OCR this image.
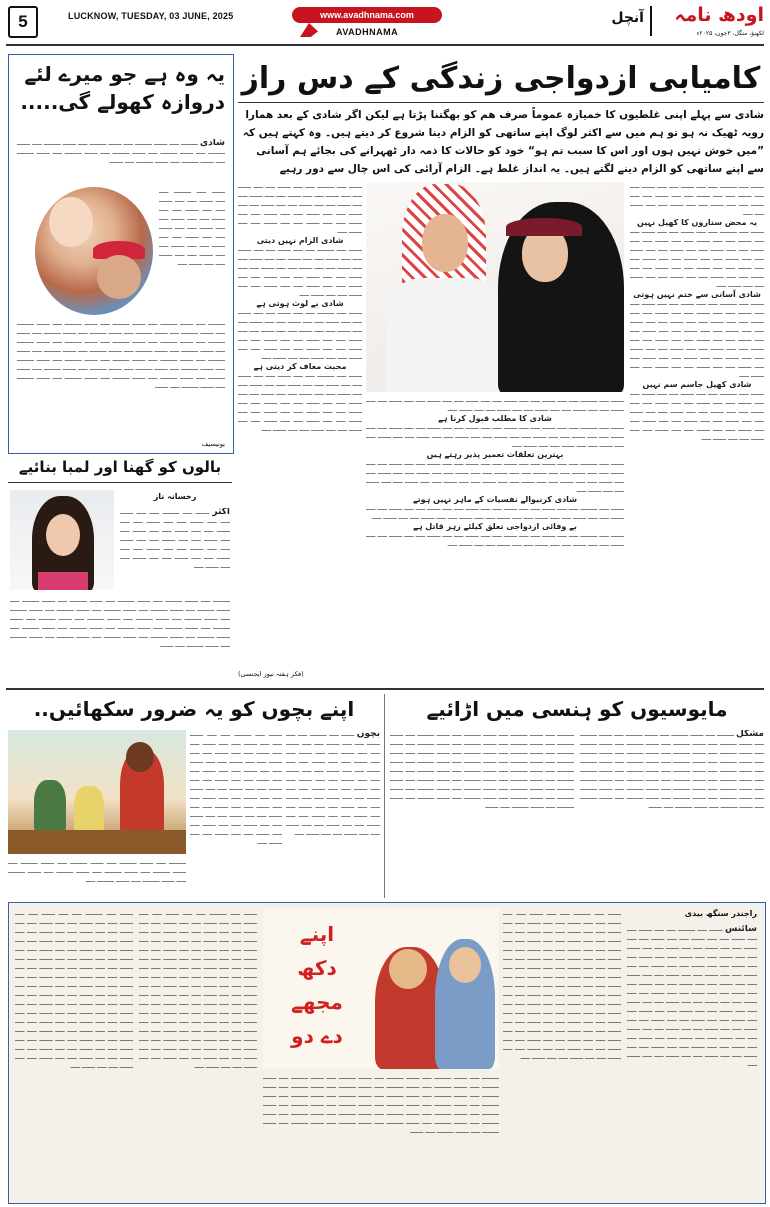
5	LUCKNOW, TUESDAY, 03 JUNE, 2025	www.avadhnama.com
AVADHNAMA
آنچل	اودھ نامہ
لکھنؤ، منگل، ۳جون، ۲۰۲۵ء
یہ وہ ہے جو میرے لئے
دروازہ کھولے گی.....
شادی ـــــــــ ـــــ ـــــــ ـــــــــ ـــــ ـــــــ ـــــــــ ـــــ ـــــــ ـــــــــ ـــــ ـــــــ ـــــــــ ـــــ ـــــــ ـــــــــ ـــــ ـــــــ ـــــــــ ـــــ ـــــــ ـــــــــ ـــــ ـــــــ ـــــــــ ـــــ ـــــــ ـــــــــ ـــــ ـــــــ ـــــــــ ـــــ ـــــــ
ـــــــ ـــــ ـــــــــ ـــــ ـــــ ـــــــ ـــــ ـــــ ـــــــ ـــــ ـــــ ـــــــ ـــــ ـــــ ـــــــ ـــــ ـــــ ـــــــ ـــــ ـــــ ـــــــ ـــــ ـــــ ـــــــ ـــــ ـــــ ـــــــ ـــــ ـــــ ـــــــ ـــــ ـــــ ـــــــ ـــــ ـــــ ـــــــ ـــــ ـــــ ـــــــ ـــــ ـــــ ـــــــ ـــــ
ـــــــــ ـــــ ـــــــ ـــــــــ ـــــ ـــــــ ـــــــــ ـــــ ـــــــ ـــــــــ ـــــ ـــــــ ـــــــــ ـــــ ـــــــ ـــــــــ ـــــ ـــــــ ـــــــــ ـــــ ـــــــ ـــــــــ ـــــ ـــــــ ـــــــــ ـــــ ـــــــ ـــــــــ ـــــ ـــــــ ـــــــــ ـــــ ـــــــ ـــــــــ ـــــ ـــــــ ـــــــــ ـــــ ـــــــ ـــــــــ ـــــ ـــــــ ـــــــــ ـــــ ـــــــ ـــــــــ ـــــ ـــــــ ـــــــــ ـــــ ـــــــ ـــــــــ ـــــ ـــــــ ـــــــــ ـــــ ـــــــ ـــــــــ ـــــ ـــــــ ـــــــــ ـــــ ـــــــ ـــــــــ ـــــ ـــــــ ـــــــــ ـــــ ـــــــ ـــــــــ ـــــ ـــــــ ـــــــــ ـــــ ـــــــ ـــــــــ ـــــ ـــــــ ـــــــــ ـــــ ـــــــ ـــــــــ ـــــ ـــــــ ـــــــــ ـــــ ـــــــ ـــــــــ ـــــ ـــــــ ـــــــــ ـــــ ـــــــ ـــــــــ ـــــ ـــــــ ـــــــــ ـــــ ـــــــ
یونیسیف
بالوں کو گھنا اور لمبا بنائیے
رخسانہ ناز
اکثر ـــــــ ـــــ ـــــــــ ـــــ ـــــ ـــــــ ـــــ ـــــ ـــــــ ـــــ ـــــ ـــــــ ـــــ ـــــ ـــــــ ـــــ ـــــ ـــــــ ـــــ ـــــ ـــــــ ـــــ ـــــ ـــــــ ـــــ ـــــ ـــــــ ـــــ ـــــ ـــــــ ـــــ ـــــ ـــــــ ـــــ ـــــ ـــــــ ـــــ ـــــ ـــــــ ـــــ ـــــ ـــــــ ـــــ ـــــ ـــــــ ـــــ ـــــ ـــــــ ـــــ
ـــــــــ ـــــ ـــــــ ـــــــــ ـــــ ـــــــ ـــــــــ ـــــ ـــــــ ـــــــــ ـــــ ـــــــ ـــــــــ ـــــ ـــــــ ـــــــــ ـــــ ـــــــ ـــــــــ ـــــ ـــــــ ـــــــــ ـــــ ـــــــ ـــــــــ ـــــ ـــــــ ـــــــــ ـــــ ـــــــ ـــــــــ ـــــ ـــــــ ـــــــــ ـــــ ـــــــ ـــــــــ ـــــ ـــــــ ـــــــــ ـــــ ـــــــ ـــــــــ ـــــ ـــــــ ـــــــــ ـــــ ـــــــ ـــــــــ ـــــ ـــــــ ـــــــــ ـــــ ـــــــ ـــــــــ ـــــ ـــــــ ـــــــــ ـــــ ـــــــ ـــــــــ ـــــ ـــــــ ـــــــــ ـــــ ـــــــ ـــــــــ ـــــ ـــــــ ـــــــــ ـــــ ـــــــ ـــــــــ ـــــ ـــــــ
کامیابی ازدواجی زندگی کے دس راز
شادی سے پہلے اپنی غلطیوں کا خمیازہ عموماً صرف ھم کو بھگتنا پڑتا ہے لیکن اگر شادی کے بعد ھمارا رویہ ٹھیک نہ ہو تو ہم میں سے اکثر لوگ اپنے ساتھی کو الزام دینا شروع کر دیتے ہیں۔ وہ کہتے ہیں کہ ”میں خوش نہیں ہوں اور اس کا سبب تم ہو“ خود کو حالات کا ذمہ دار ٹھہرانے کی بجائے ہم آسانی سے اپنے ساتھی کو الزام دینے لگتے ہیں۔ یہ انداز غلط ہے۔ الزام آرائی کی اس چال سے دور رہیے
ـــــــ ـــــ ـــــــــ ـــــ ـــــ ـــــــ ـــــ ـــــ ـــــــ ـــــ ـــــ ـــــــ ـــــ ـــــ ـــــــ ـــــ ـــــ ـــــــ ـــــ ـــــ ـــــــ ـــــ ـــــ ـــــــ ـــــ ـــــ ـــــــ ـــــ ـــــ ـــــــ ـــــ ـــــ
یہ محض ستاروں کا کھیل نہیں
ـــــــ ـــــ ـــــــــ ـــــ ـــــ ـــــــ ـــــ ـــــ ـــــــ ـــــ ـــــ ـــــــ ـــــ ـــــ ـــــــ ـــــ ـــــ ـــــــ ـــــ ـــــ ـــــــ ـــــ ـــــ ـــــــ ـــــ ـــــ ـــــــ ـــــ ـــــ ـــــــ ـــــ ـــــ ـــــــ ـــــ ـــــ ـــــــ ـــــ ـــــ ـــــــ ـــــ ـــــ ـــــــ ـــــ ـــــ ـــــــ ـــــ ـــــ ـــــــ ـــــ ـــــ ـــــــ ـــــ ـــــ ـــــــ ـــــ ـــــ ـــــــ ـــــ ـــــ ـــــــ ـــــ ـــــ ـــــــ ـــــ
شادی آسانی سے ختم نہیں ہوتی
ـــــــ ـــــ ـــــــــ ـــــ ـــــ ـــــــ ـــــ ـــــ ـــــــ ـــــ ـــــ ـــــــ ـــــ ـــــ ـــــــ ـــــ ـــــ ـــــــ ـــــ ـــــ ـــــــ ـــــ ـــــ ـــــــ ـــــ ـــــ ـــــــ ـــــ ـــــ ـــــــ ـــــ ـــــ ـــــــ ـــــ ـــــ ـــــــ ـــــ ـــــ ـــــــ ـــــ ـــــ ـــــــ ـــــ ـــــ ـــــــ ـــــ ـــــ ـــــــ ـــــ ـــــ ـــــــ ـــــ ـــــ ـــــــ ـــــ ـــــ ـــــــ ـــــ ـــــ ـــــــ ـــــ ـــــ ـــــــ ـــــ ـــــ ـــــــ ـــــ ـــــ ـــــــ ـــــ ـــــ ـــــــ ـــــ ـــــ ـــــــ ـــــ ـــــ ـــــــ ـــــ ـــــ ـــــــ ـــــ
شادی کھیل جاسم سم نہیں
ـــــــ ـــــ ـــــــــ ـــــ ـــــ ـــــــ ـــــ ـــــ ـــــــ ـــــ ـــــ ـــــــ ـــــ ـــــ ـــــــ ـــــ ـــــ ـــــــ ـــــ ـــــ ـــــــ ـــــ ـــــ ـــــــ ـــــ ـــــ ـــــــ ـــــ ـــــ ـــــــ ـــــ ـــــ ـــــــ ـــــ ـــــ ـــــــ ـــــ ـــــ ـــــــ ـــــ ـــــ ـــــــ ـــــ ـــــ ـــــــ ـــــ ـــــ ـــــــ ـــــ ـــــ ـــــــ ـــــ ـــــ ـــــــ ـــــ
ـــــــ ـــــ ـــــــــ ـــــ ـــــ ـــــــ ـــــ ـــــ ـــــــ ـــــ ـــــ ـــــــ ـــــ ـــــ ـــــــ ـــــ ـــــ ـــــــ ـــــ ـــــ ـــــــ ـــــ ـــــ ـــــــ ـــــ ـــــ ـــــــ ـــــ ـــــ ـــــــ ـــــ ـــــ ـــــــ ـــــ
شادی کا مطلب قبول کرنا ہے
ـــــــ ـــــ ـــــــــ ـــــ ـــــ ـــــــ ـــــ ـــــ ـــــــ ـــــ ـــــ ـــــــ ـــــ ـــــ ـــــــ ـــــ ـــــ ـــــــ ـــــ ـــــ ـــــــ ـــــ ـــــ ـــــــ ـــــ ـــــ ـــــــ ـــــ ـــــ ـــــــ ـــــ ـــــ ـــــــ ـــــ ـــــ ـــــــ ـــــ ـــــ ـــــــ ـــــ ـــــ ـــــــ ـــــ ـــــ ـــــــ ـــــ ـــــ ـــــــ ـــــ
بہترین تعلقات تعمیر پذیر رہتے ہیں
ـــــــ ـــــ ـــــــــ ـــــ ـــــ ـــــــ ـــــ ـــــ ـــــــ ـــــ ـــــ ـــــــ ـــــ ـــــ ـــــــ ـــــ ـــــ ـــــــ ـــــ ـــــ ـــــــ ـــــ ـــــ ـــــــ ـــــ ـــــ ـــــــ ـــــ ـــــ ـــــــ ـــــ ـــــ ـــــــ ـــــ ـــــ ـــــــ ـــــ ـــــ ـــــــ ـــــ ـــــ ـــــــ ـــــ ـــــ ـــــــ ـــــ ـــــ ـــــــ ـــــ ـــــ ـــــــ ـــــ ـــــ ـــــــ ـــــ ـــــ ـــــــ ـــــ ـــــ ـــــــ ـــــ ـــــ ـــــــ ـــــ
شادی کرنیوالے نفسیات کے ماہر نہیں ہوتے
ـــــــ ـــــ ـــــــــ ـــــ ـــــ ـــــــ ـــــ ـــــ ـــــــ ـــــ ـــــ ـــــــ ـــــ ـــــ ـــــــ ـــــ ـــــ ـــــــ ـــــ ـــــ ـــــــ ـــــ ـــــ ـــــــ ـــــ ـــــ ـــــــ ـــــ ـــــ ـــــــ ـــــ ـــــ ـــــــ ـــــ ـــــ ـــــــ ـــــ ـــــ ـــــــ ـــــ
بے وفائی ازدواجی تعلق کیلئے زہر قاتل ہے
ـــــــ ـــــ ـــــــــ ـــــ ـــــ ـــــــ ـــــ ـــــ ـــــــ ـــــ ـــــ ـــــــ ـــــ ـــــ ـــــــ ـــــ ـــــ ـــــــ ـــــ ـــــ ـــــــ ـــــ ـــــ ـــــــ ـــــ ـــــ ـــــــ ـــــ ـــــ ـــــــ ـــــ ـــــ ـــــــ ـــــ
ـــــــ ـــــ ـــــــــ ـــــ ـــــ ـــــــ ـــــ ـــــ ـــــــ ـــــ ـــــ ـــــــ ـــــ ـــــ ـــــــ ـــــ ـــــ ـــــــ ـــــ ـــــ ـــــــ ـــــ ـــــ ـــــــ ـــــ ـــــ ـــــــ ـــــ ـــــ ـــــــ ـــــ ـــــ ـــــــ ـــــ ـــــ ـــــــ ـــــ ـــــ ـــــــ ـــــ ـــــ ـــــــ ـــــ ـــــ ـــــــ ـــــ ـــــ ـــــــ ـــــ
شادی الزام نہیں دیتی
ـــــــ ـــــ ـــــــــ ـــــ ـــــ ـــــــ ـــــ ـــــ ـــــــ ـــــ ـــــ ـــــــ ـــــ ـــــ ـــــــ ـــــ ـــــ ـــــــ ـــــ ـــــ ـــــــ ـــــ ـــــ ـــــــ ـــــ ـــــ ـــــــ ـــــ ـــــ ـــــــ ـــــ ـــــ ـــــــ ـــــ ـــــ ـــــــ ـــــ ـــــ ـــــــ ـــــ ـــــ ـــــــ ـــــ ـــــ ـــــــ ـــــ ـــــ ـــــــ ـــــ ـــــ ـــــــ ـــــ
شادی بے لوث ہوتی ہے
ـــــــ ـــــ ـــــــــ ـــــ ـــــ ـــــــ ـــــ ـــــ ـــــــ ـــــ ـــــ ـــــــ ـــــ ـــــ ـــــــ ـــــ ـــــ ـــــــ ـــــ ـــــ ـــــــ ـــــ ـــــ ـــــــ ـــــ ـــــ ـــــــ ـــــ ـــــ ـــــــ ـــــ ـــــ ـــــــ ـــــ ـــــ ـــــــ ـــــ ـــــ ـــــــ ـــــ ـــــ ـــــــ ـــــ ـــــ ـــــــ ـــــ ـــــ ـــــــ ـــــ ـــــ ـــــــ ـــــ ـــــ ـــــــ ـــــ
محبت معاف کر دیتی ہے
ـــــــ ـــــ ـــــــــ ـــــ ـــــ ـــــــ ـــــ ـــــ ـــــــ ـــــ ـــــ ـــــــ ـــــ ـــــ ـــــــ ـــــ ـــــ ـــــــ ـــــ ـــــ ـــــــ ـــــ ـــــ ـــــــ ـــــ ـــــ ـــــــ ـــــ ـــــ ـــــــ ـــــ ـــــ ـــــــ ـــــ ـــــ ـــــــ ـــــ ـــــ ـــــــ ـــــ ـــــ ـــــــ ـــــ ـــــ ـــــــ ـــــ ـــــ ـــــــ ـــــ ـــــ ـــــــ ـــــ ـــــ ـــــــ ـــــ ـــــ ـــــــ ـــــ ـــــ ـــــــ ـــــ ـــــ ـــــــ ـــــ
(فکر ہفتہ نیوز ایجنسی)
اپنے بچوں کو یہ ضرور سکھائیں..
ـــــــــ ـــــ ـــــــ ـــــــــ ـــــ ـــــــ ـــــــــ ـــــ ـــــــ ـــــــــ ـــــ ـــــــ ـــــــــ ـــــ ـــــــ ـــــــــ ـــــ ـــــــ ـــــــــ ـــــ ـــــــ ـــــــــ ـــــ ـــــــ ـــــــــ ـــــ ـــــــ ـــــــــ ـــــ
ـــــــ ـــــ ـــــــــ ـــــ ـــــ ـــــــ ـــــ ـــــ ـــــــ ـــــ ـــــ ـــــــ ـــــ ـــــ ـــــــ ـــــ ـــــ ـــــــ ـــــ ـــــ ـــــــ ـــــ ـــــ ـــــــ ـــــ ـــــ ـــــــ ـــــ ـــــ ـــــــ ـــــ ـــــ ـــــــ ـــــ ـــــ ـــــــ ـــــ ـــــ ـــــــ ـــــ ـــــ ـــــــ ـــــ ـــــ ـــــــ ـــــ ـــــ ـــــــ ـــــ ـــــ ـــــــ ـــــ ـــــ ـــــــ ـــــ ـــــ ـــــــ ـــــ ـــــ ـــــــ ـــــ ـــــ ـــــــ ـــــ ـــــ ـــــــ ـــــ ـــــ ـــــــ ـــــ ـــــ ـــــــ ـــــ ـــــ ـــــــ ـــــ ـــــ ـــــــ ـــــ ـــــ ـــــــ ـــــ ـــــ ـــــــ ـــــ
بچوں ـــــــ ـــــ ـــــــــ ـــــ ـــــ ـــــــ ـــــ ـــــ ـــــــ ـــــ ـــــ ـــــــ ـــــ ـــــ ـــــــ ـــــ ـــــ ـــــــ ـــــ ـــــ ـــــــ ـــــ ـــــ ـــــــ ـــــ ـــــ ـــــــ ـــــ ـــــ ـــــــ ـــــ ـــــ ـــــــ ـــــ ـــــ ـــــــ ـــــ ـــــ ـــــــ ـــــ ـــــ ـــــــ ـــــ ـــــ ـــــــ ـــــ ـــــ ـــــــ ـــــ ـــــ ـــــــ ـــــ ـــــ ـــــــ ـــــ ـــــ ـــــــ ـــــ ـــــ ـــــــ ـــــ ـــــ ـــــــ ـــــ ـــــ ـــــــ ـــــ ـــــ ـــــــ ـــــ ـــــ ـــــــ ـــــ ـــــ ـــــــ ـــــ ـــــ ـــــــ ـــــ ـــــ ـــــــ ـــــ
مایوسیوں کو ہنسی میں اڑائیے
مشکل ـــــــــ ـــــ ـــــــ ـــــــــ ـــــ ـــــــ ـــــــــ ـــــ ـــــــ ـــــــــ ـــــ ـــــــ ـــــــــ ـــــ ـــــــ ـــــــــ ـــــ ـــــــ ـــــــــ ـــــ ـــــــ ـــــــــ ـــــ ـــــــ ـــــــــ ـــــ ـــــــ ـــــــــ ـــــ ـــــــ ـــــــــ ـــــ ـــــــ ـــــــــ ـــــ ـــــــ ـــــــــ ـــــ ـــــــ ـــــــــ ـــــ ـــــــ ـــــــــ ـــــ ـــــــ ـــــــــ ـــــ ـــــــ ـــــــــ ـــــ ـــــــ ـــــــــ ـــــ ـــــــ ـــــــــ ـــــ ـــــــ ـــــــــ ـــــ ـــــــ ـــــــــ ـــــ ـــــــ ـــــــــ ـــــ ـــــــ ـــــــــ ـــــ ـــــــ ـــــــــ ـــــ ـــــــ ـــــــــ ـــــ ـــــــ ـــــــــ ـــــ ـــــــ ـــــــــ ـــــ ـــــــ ـــــــــ ـــــ ـــــــ ـــــــــ ـــــ ـــــــ ـــــــــ ـــــ ـــــــ ـــــــــ ـــــ ـــــــ ـــــــــ ـــــ ـــــــ ـــــــــ ـــــ ـــــــ ـــــــــ ـــــ ـــــــ
ـــــــــ ـــــ ـــــــ ـــــــــ ـــــ ـــــــ ـــــــــ ـــــ ـــــــ ـــــــــ ـــــ ـــــــ ـــــــــ ـــــ ـــــــ ـــــــــ ـــــ ـــــــ ـــــــــ ـــــ ـــــــ ـــــــــ ـــــ ـــــــ ـــــــــ ـــــ ـــــــ ـــــــــ ـــــ ـــــــ ـــــــــ ـــــ ـــــــ ـــــــــ ـــــ ـــــــ ـــــــــ ـــــ ـــــــ ـــــــــ ـــــ ـــــــ ـــــــــ ـــــ ـــــــ ـــــــــ ـــــ ـــــــ ـــــــــ ـــــ ـــــــ ـــــــــ ـــــ ـــــــ ـــــــــ ـــــ ـــــــ ـــــــــ ـــــ ـــــــ ـــــــــ ـــــ ـــــــ ـــــــــ ـــــ ـــــــ ـــــــــ ـــــ ـــــــ ـــــــــ ـــــ ـــــــ ـــــــــ ـــــ ـــــــ ـــــــــ ـــــ ـــــــ ـــــــــ ـــــ ـــــــ ـــــــــ ـــــ ـــــــ ـــــــــ ـــــ ـــــــ ـــــــــ ـــــ ـــــــ ـــــــــ ـــــ ـــــــ ـــــــــ ـــــ ـــــــ ـــــــــ ـــــ ـــــــ ـــــــــ ـــــ ـــــــ
راجندر سنگھ بیدی
اپنے
دکھ
مجھے
دے دو
سائنس ـــــــ ـــــ ـــــــــ ـــــ ـــــ ـــــــ ـــــ ـــــ ـــــــ ـــــ ـــــ ـــــــ ـــــ ـــــ ـــــــ ـــــ ـــــ ـــــــ ـــــ ـــــ ـــــــ ـــــ ـــــ ـــــــ ـــــ ـــــ ـــــــ ـــــ ـــــ ـــــــ ـــــ ـــــ ـــــــ ـــــ ـــــ ـــــــ ـــــ ـــــ ـــــــ ـــــ ـــــ ـــــــ ـــــ ـــــ ـــــــ ـــــ ـــــ ـــــــ ـــــ ـــــ ـــــــ ـــــ ـــــ ـــــــ ـــــ ـــــ ـــــــ ـــــ ـــــ ـــــــ ـــــ ـــــ ـــــــ ـــــ ـــــ ـــــــ ـــــ ـــــ ـــــــ ـــــ ـــــ ـــــــ ـــــ ـــــ ـــــــ ـــــ ـــــ ـــــــ ـــــ ـــــ ـــــــ ـــــ ـــــ ـــــــ ـــــ ـــــ ـــــــ ـــــ ـــــ ـــــــ ـــــ ـــــ ـــــــ ـــــ ـــــ ـــــــ ـــــ ـــــ ـــــــ ـــــ ـــــ ـــــــ ـــــ ـــــ ـــــــ ـــــ ـــــ ـــــــ ـــــ ـــــ ـــــــ ـــــ ـــــ ـــــــ ـــــ ـــــ ـــــــ ـــــ ـــــ ـــــــ ـــــ ـــــ ـــــــ ـــــ ـــــ ـــــــ ـــــ ـــــ ـــــــ ـــــ ـــــ ـــــــ ـــــ ـــــ ـــــــ ـــــ ـــــ ـــــــ ـــــ ـــــ ـــــــ ـــــ ـــــ ـــــــ ـــــ ـــــ ـــــــ ـــــ
ـــــــ ـــــ ـــــــــ ـــــ ـــــ ـــــــ ـــــ ـــــ ـــــــ ـــــ ـــــ ـــــــ ـــــ ـــــ ـــــــ ـــــ ـــــ ـــــــ ـــــ ـــــ ـــــــ ـــــ ـــــ ـــــــ ـــــ ـــــ ـــــــ ـــــ ـــــ ـــــــ ـــــ ـــــ ـــــــ ـــــ ـــــ ـــــــ ـــــ ـــــ ـــــــ ـــــ ـــــ ـــــــ ـــــ ـــــ ـــــــ ـــــ ـــــ ـــــــ ـــــ ـــــ ـــــــ ـــــ ـــــ ـــــــ ـــــ ـــــ ـــــــ ـــــ ـــــ ـــــــ ـــــ ـــــ ـــــــ ـــــ ـــــ ـــــــ ـــــ ـــــ ـــــــ ـــــ ـــــ ـــــــ ـــــ ـــــ ـــــــ ـــــ ـــــ ـــــــ ـــــ ـــــ ـــــــ ـــــ ـــــ ـــــــ ـــــ ـــــ ـــــــ ـــــ ـــــ ـــــــ ـــــ ـــــ ـــــــ ـــــ ـــــ ـــــــ ـــــ ـــــ ـــــــ ـــــ ـــــ ـــــــ ـــــ ـــــ ـــــــ ـــــ ـــــ ـــــــ ـــــ ـــــ ـــــــ ـــــ ـــــ ـــــــ ـــــ ـــــ ـــــــ ـــــ ـــــ ـــــــ ـــــ ـــــ ـــــــ ـــــ ـــــ ـــــــ ـــــ ـــــ ـــــــ ـــــ ـــــ ـــــــ ـــــ ـــــ ـــــــ ـــــ ـــــ ـــــــ ـــــ ـــــ ـــــــ ـــــ ـــــ ـــــــ ـــــ ـــــ ـــــــ ـــــ ـــــ ـــــــ ـــــ
ـــــــــ ـــــ ـــــــ ـــــــــ ـــــ ـــــــ ـــــــــ ـــــ ـــــــ ـــــــــ ـــــ ـــــــ ـــــــــ ـــــ ـــــــ ـــــــــ ـــــ ـــــــ ـــــــــ ـــــ ـــــــ ـــــــــ ـــــ ـــــــ ـــــــــ ـــــ ـــــــ ـــــــــ ـــــ ـــــــ ـــــــــ ـــــ ـــــــ ـــــــــ ـــــ ـــــــ ـــــــــ ـــــ ـــــــ ـــــــــ ـــــ ـــــــ ـــــــــ ـــــ ـــــــ ـــــــــ ـــــ ـــــــ ـــــــــ ـــــ ـــــــ ـــــــــ ـــــ ـــــــ ـــــــــ ـــــ ـــــــ ـــــــــ ـــــ ـــــــ ـــــــــ ـــــ ـــــــ ـــــــــ ـــــ ـــــــ ـــــــــ ـــــ ـــــــ ـــــــــ ـــــ ـــــــ ـــــــــ ـــــ ـــــــ ـــــــــ ـــــ ـــــــ ـــــــــ ـــــ ـــــــ ـــــــــ ـــــ ـــــــ ـــــــــ ـــــ ـــــــ ـــــــــ ـــــ ـــــــ ـــــــــ ـــــ ـــــــ ـــــــــ ـــــ ـــــــ
ـــــــ ـــــ ـــــــــ ـــــ ـــــ ـــــــ ـــــ ـــــ ـــــــ ـــــ ـــــ ـــــــ ـــــ ـــــ ـــــــ ـــــ ـــــ ـــــــ ـــــ ـــــ ـــــــ ـــــ ـــــ ـــــــ ـــــ ـــــ ـــــــ ـــــ ـــــ ـــــــ ـــــ ـــــ ـــــــ ـــــ ـــــ ـــــــ ـــــ ـــــ ـــــــ ـــــ ـــــ ـــــــ ـــــ ـــــ ـــــــ ـــــ ـــــ ـــــــ ـــــ ـــــ ـــــــ ـــــ ـــــ ـــــــ ـــــ ـــــ ـــــــ ـــــ ـــــ ـــــــ ـــــ ـــــ ـــــــ ـــــ ـــــ ـــــــ ـــــ ـــــ ـــــــ ـــــ ـــــ ـــــــ ـــــ ـــــ ـــــــ ـــــ ـــــ ـــــــ ـــــ ـــــ ـــــــ ـــــ ـــــ ـــــــ ـــــ ـــــ ـــــــ ـــــ ـــــ ـــــــ ـــــ ـــــ ـــــــ ـــــ ـــــ ـــــــ ـــــ ـــــ ـــــــ ـــــ ـــــ ـــــــ ـــــ ـــــ ـــــــ ـــــ ـــــ ـــــــ ـــــ ـــــ ـــــــ ـــــ ـــــ ـــــــ ـــــ ـــــ ـــــــ ـــــ ـــــ ـــــــ ـــــ ـــــ ـــــــ ـــــ ـــــ ـــــــ ـــــ ـــــ ـــــــ ـــــ ـــــ ـــــــ ـــــ ـــــ ـــــــ ـــــ ـــــ ـــــــ ـــــ ـــــ ـــــــ ـــــ ـــــ ـــــــ ـــــ ـــــ ـــــــ ـــــ ـــــ ـــــــ ـــــ ـــــ ـــــــ ـــــ ـــــ ـــــــ ـــــ
ـــــــ ـــــ ـــــــــ ـــــ ـــــ ـــــــ ـــــ ـــــ ـــــــ ـــــ ـــــ ـــــــ ـــــ ـــــ ـــــــ ـــــ ـــــ ـــــــ ـــــ ـــــ ـــــــ ـــــ ـــــ ـــــــ ـــــ ـــــ ـــــــ ـــــ ـــــ ـــــــ ـــــ ـــــ ـــــــ ـــــ ـــــ ـــــــ ـــــ ـــــ ـــــــ ـــــ ـــــ ـــــــ ـــــ ـــــ ـــــــ ـــــ ـــــ ـــــــ ـــــ ـــــ ـــــــ ـــــ ـــــ ـــــــ ـــــ ـــــ ـــــــ ـــــ ـــــ ـــــــ ـــــ ـــــ ـــــــ ـــــ ـــــ ـــــــ ـــــ ـــــ ـــــــ ـــــ ـــــ ـــــــ ـــــ ـــــ ـــــــ ـــــ ـــــ ـــــــ ـــــ ـــــ ـــــــ ـــــ ـــــ ـــــــ ـــــ ـــــ ـــــــ ـــــ ـــــ ـــــــ ـــــ ـــــ ـــــــ ـــــ ـــــ ـــــــ ـــــ ـــــ ـــــــ ـــــ ـــــ ـــــــ ـــــ ـــــ ـــــــ ـــــ ـــــ ـــــــ ـــــ ـــــ ـــــــ ـــــ ـــــ ـــــــ ـــــ ـــــ ـــــــ ـــــ ـــــ ـــــــ ـــــ ـــــ ـــــــ ـــــ ـــــ ـــــــ ـــــ ـــــ ـــــــ ـــــ ـــــ ـــــــ ـــــ ـــــ ـــــــ ـــــ ـــــ ـــــــ ـــــ ـــــ ـــــــ ـــــ ـــــ ـــــــ ـــــ ـــــ ـــــــ ـــــ ـــــ ـــــــ ـــــ ـــــ ـــــــ ـــــ ـــــ ـــــــ ـــــ
